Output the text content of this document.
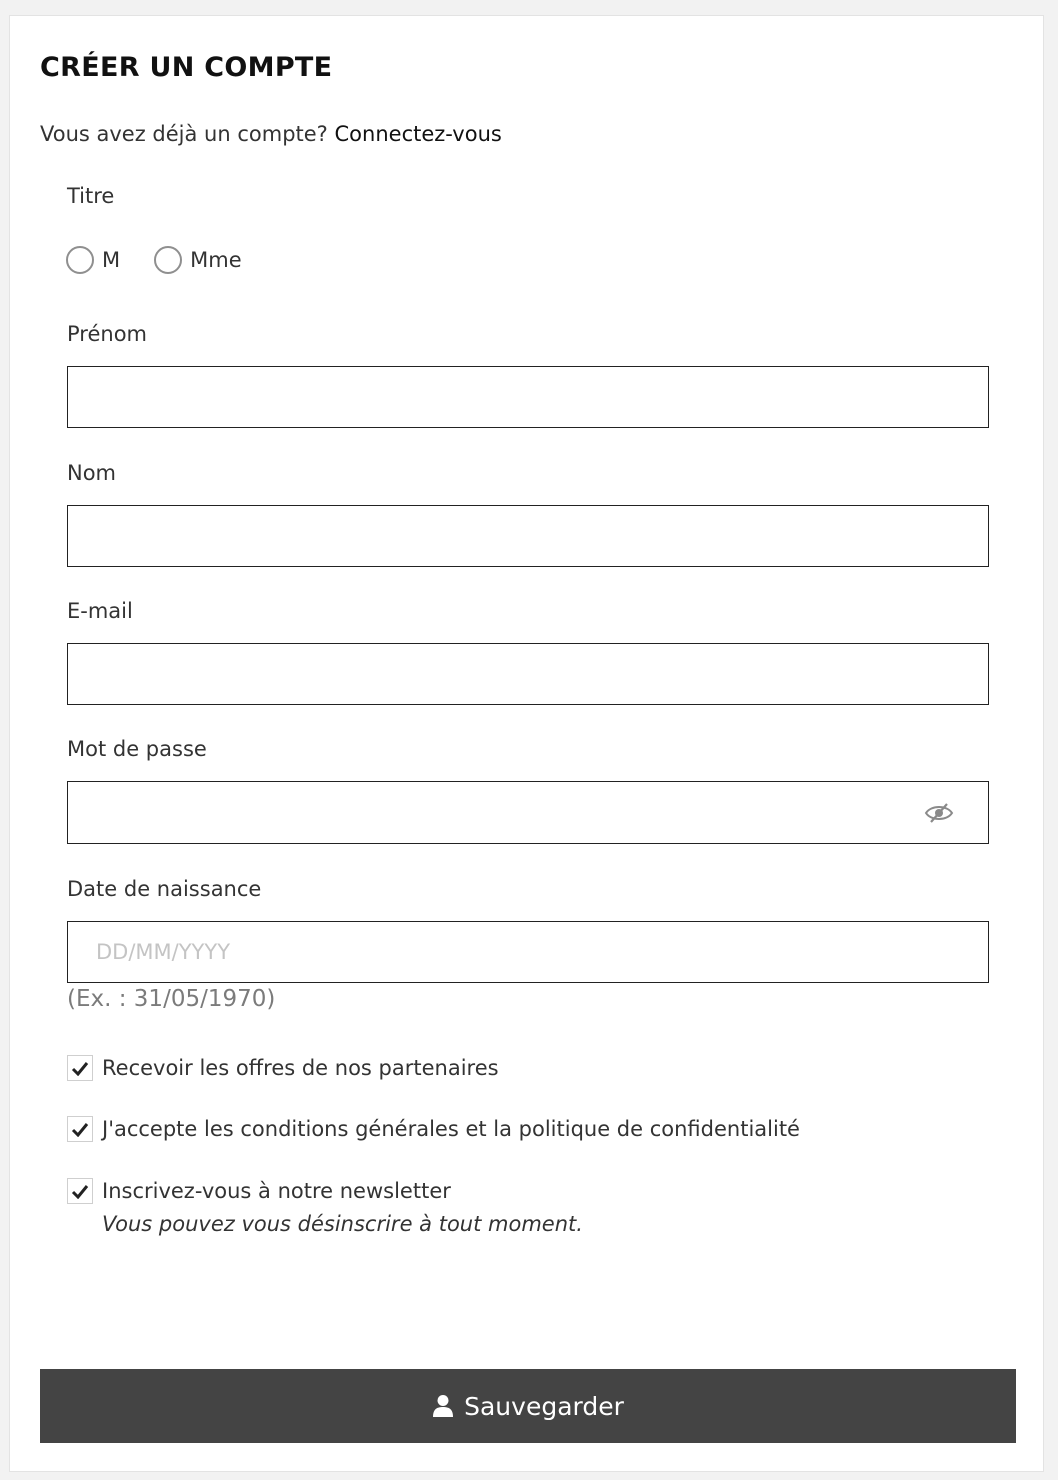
CRÉER UN COMPTE
Vous avez déjà un compte? Connectez-vous
Titre
M	Mme
Prénom
Nom
E-mail
Mot de passe
Date de naissance
DD/MM/YYYY
(Ex. : 31/05/1970)
Recevoir les offres de nos partenaires
J'accepte les conditions générales et la politique de confidentialité
Inscrivez-vous à notre newsletter
Vous pouvez vous désinscrire à tout moment.
Sauvegarder
